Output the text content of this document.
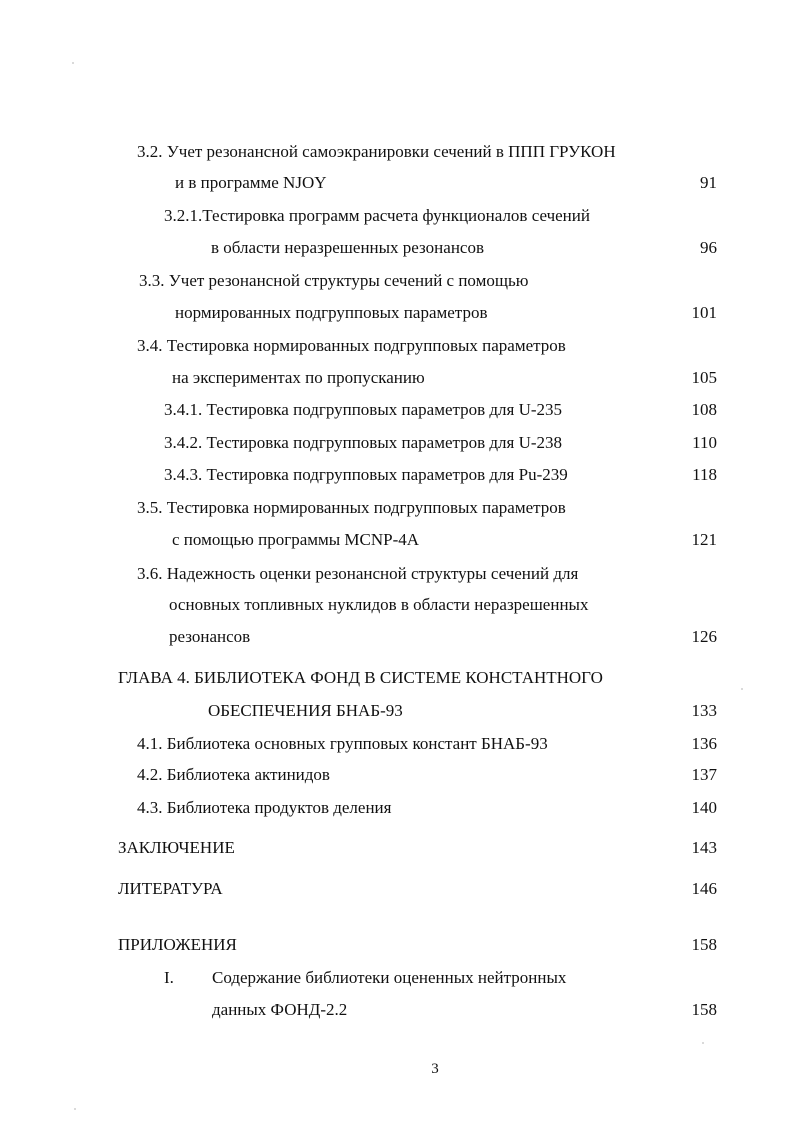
3.2. Учет резонансной самоэкранировки сечений в ППП ГРУКОН
и в программе NJOY	91
3.2.1.Тестировка программ расчета функционалов сечений
в области неразрешенных резонансов	96
3.3. Учет резонансной структуры сечений с помощью
нормированных подгрупповых параметров	101
3.4. Тестировка нормированных подгрупповых параметров
на экспериментах по пропусканию	105
3.4.1. Тестировка подгрупповых параметров для U-235	108
3.4.2. Тестировка подгрупповых параметров для U-238	110
3.4.3. Тестировка подгрупповых параметров для Pu-239	118
3.5. Тестировка нормированных подгрупповых параметров
с помощью программы MCNP-4A	121
3.6. Надежность оценки резонансной структуры сечений для
основных топливных нуклидов в области неразрешенных
резонансов	126
ГЛАВА 4. БИБЛИОТЕКА ФОНД В СИСТЕМЕ КОНСТАНТНОГО
ОБЕСПЕЧЕНИЯ БНАБ-93	133
4.1. Библиотека основных групповых констант БНАБ-93	136
4.2. Библиотека актинидов	137
4.3. Библиотека продуктов деления	140
ЗАКЛЮЧЕНИЕ	143
ЛИТЕРАТУРА	146
ПРИЛОЖЕНИЯ	158
I. Содержание библиотеки оцененных нейтронных
данных ФОНД-2.2	158
3
